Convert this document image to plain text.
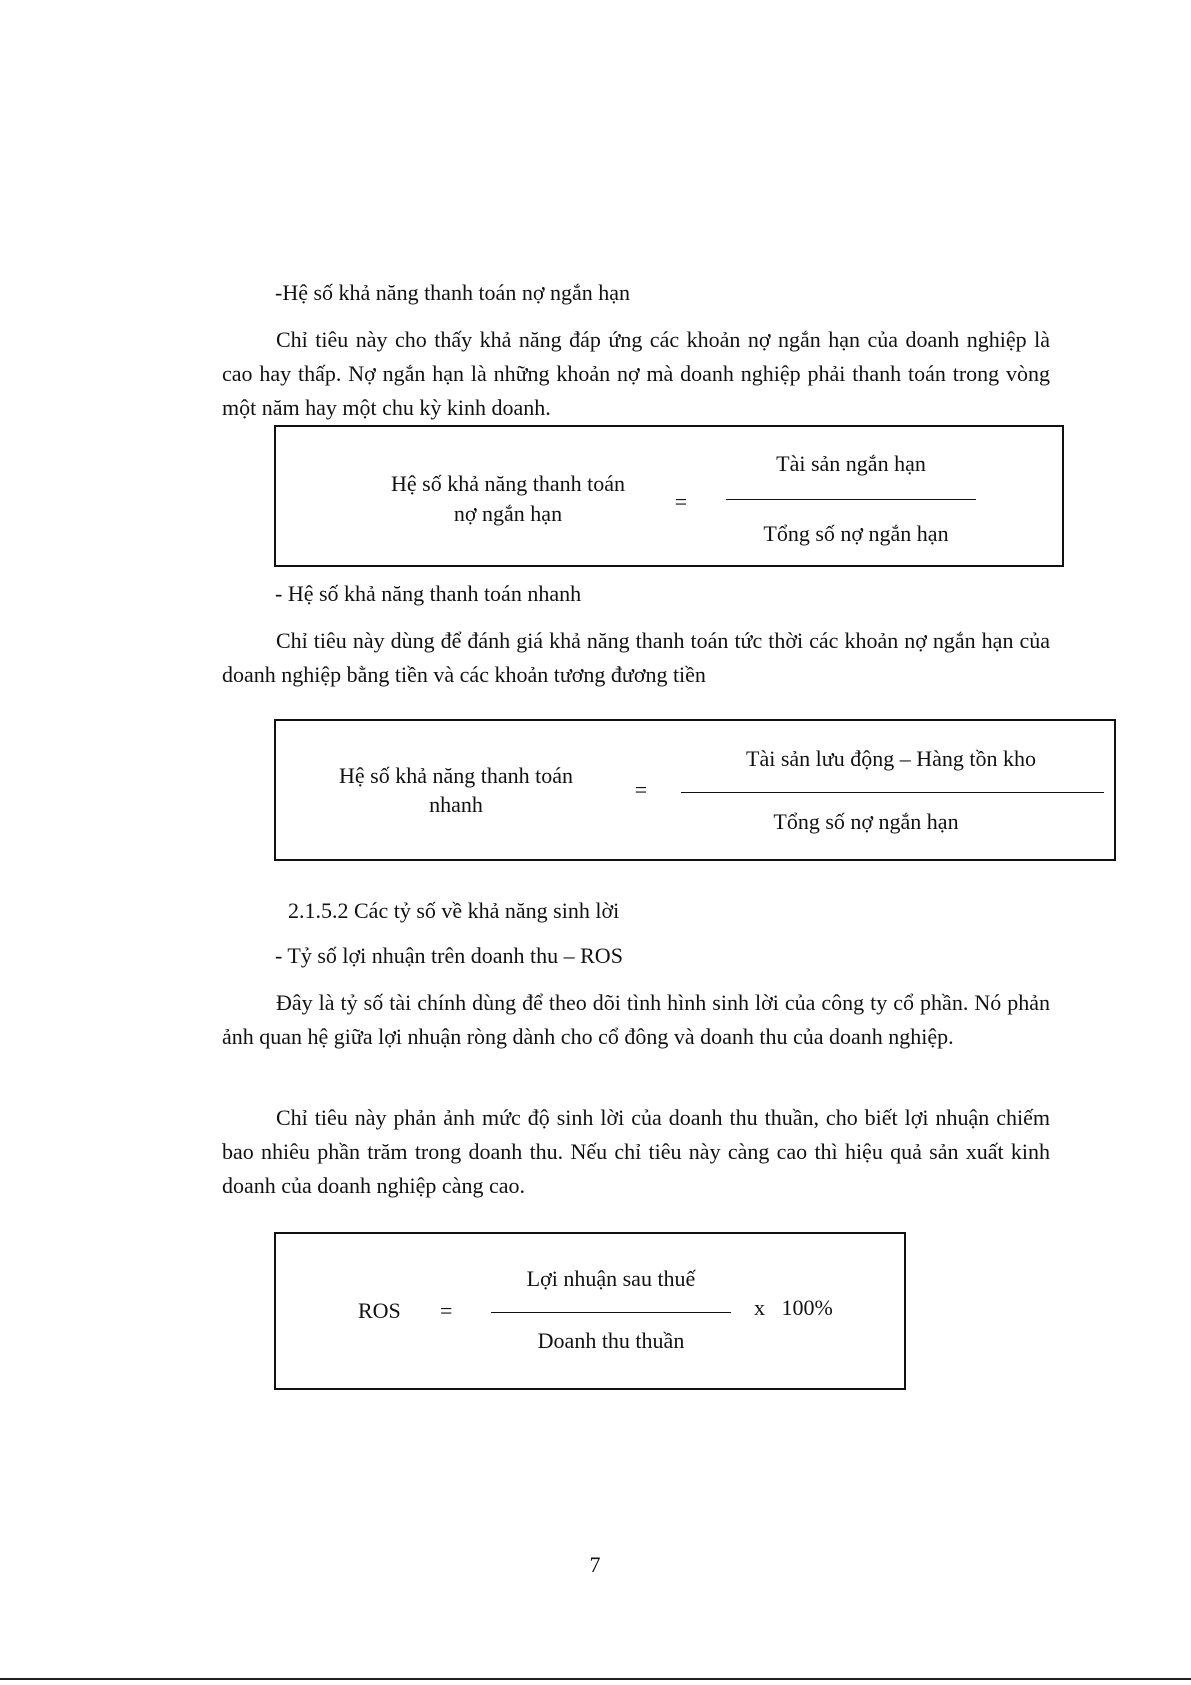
-Hệ số khả năng thanh toán nợ ngắn hạn
Chỉ tiêu này cho thấy khả năng đáp ứng các khoản nợ ngắn hạn của doanh nghiệp là cao hay thấp. Nợ ngắn hạn là những khoản nợ mà doanh nghiệp phải thanh toán trong vòng một năm hay một chu kỳ kinh doanh.
Hệ số khả năng thanh toán
nợ ngắn hạn	=
Tài sản ngắn hạn
Tổng số nợ ngắn hạn
- Hệ số khả năng thanh toán nhanh
Chỉ tiêu này dùng để đánh giá khả năng thanh toán tức thời các khoản nợ ngắn hạn của doanh nghiệp bằng tiền và các khoản tương đương tiền
Hệ số khả năng thanh toán
nhanh
=
Tài sản lưu động – Hàng tồn kho
Tổng số nợ ngắn hạn
2.1.5.2 Các tỷ số về khả năng sinh lời
- Tỷ số lợi nhuận trên doanh thu – ROS
Đây là tỷ số tài chính dùng để theo dõi tình hình sinh lời của công ty cổ phần. Nó phản ảnh quan hệ giữa lợi nhuận ròng dành cho cổ đông và doanh thu của doanh nghiệp.
Chỉ tiêu này phản ảnh mức độ sinh lời của doanh thu thuần, cho biết lợi nhuận chiếm bao nhiêu phần trăm trong doanh thu. Nếu chỉ tiêu này càng cao thì hiệu quả sản xuất kinh doanh của doanh nghiệp càng cao.
ROS =
Lợi nhuận sau thuế
Doanh thu thuần
x   100%
7
